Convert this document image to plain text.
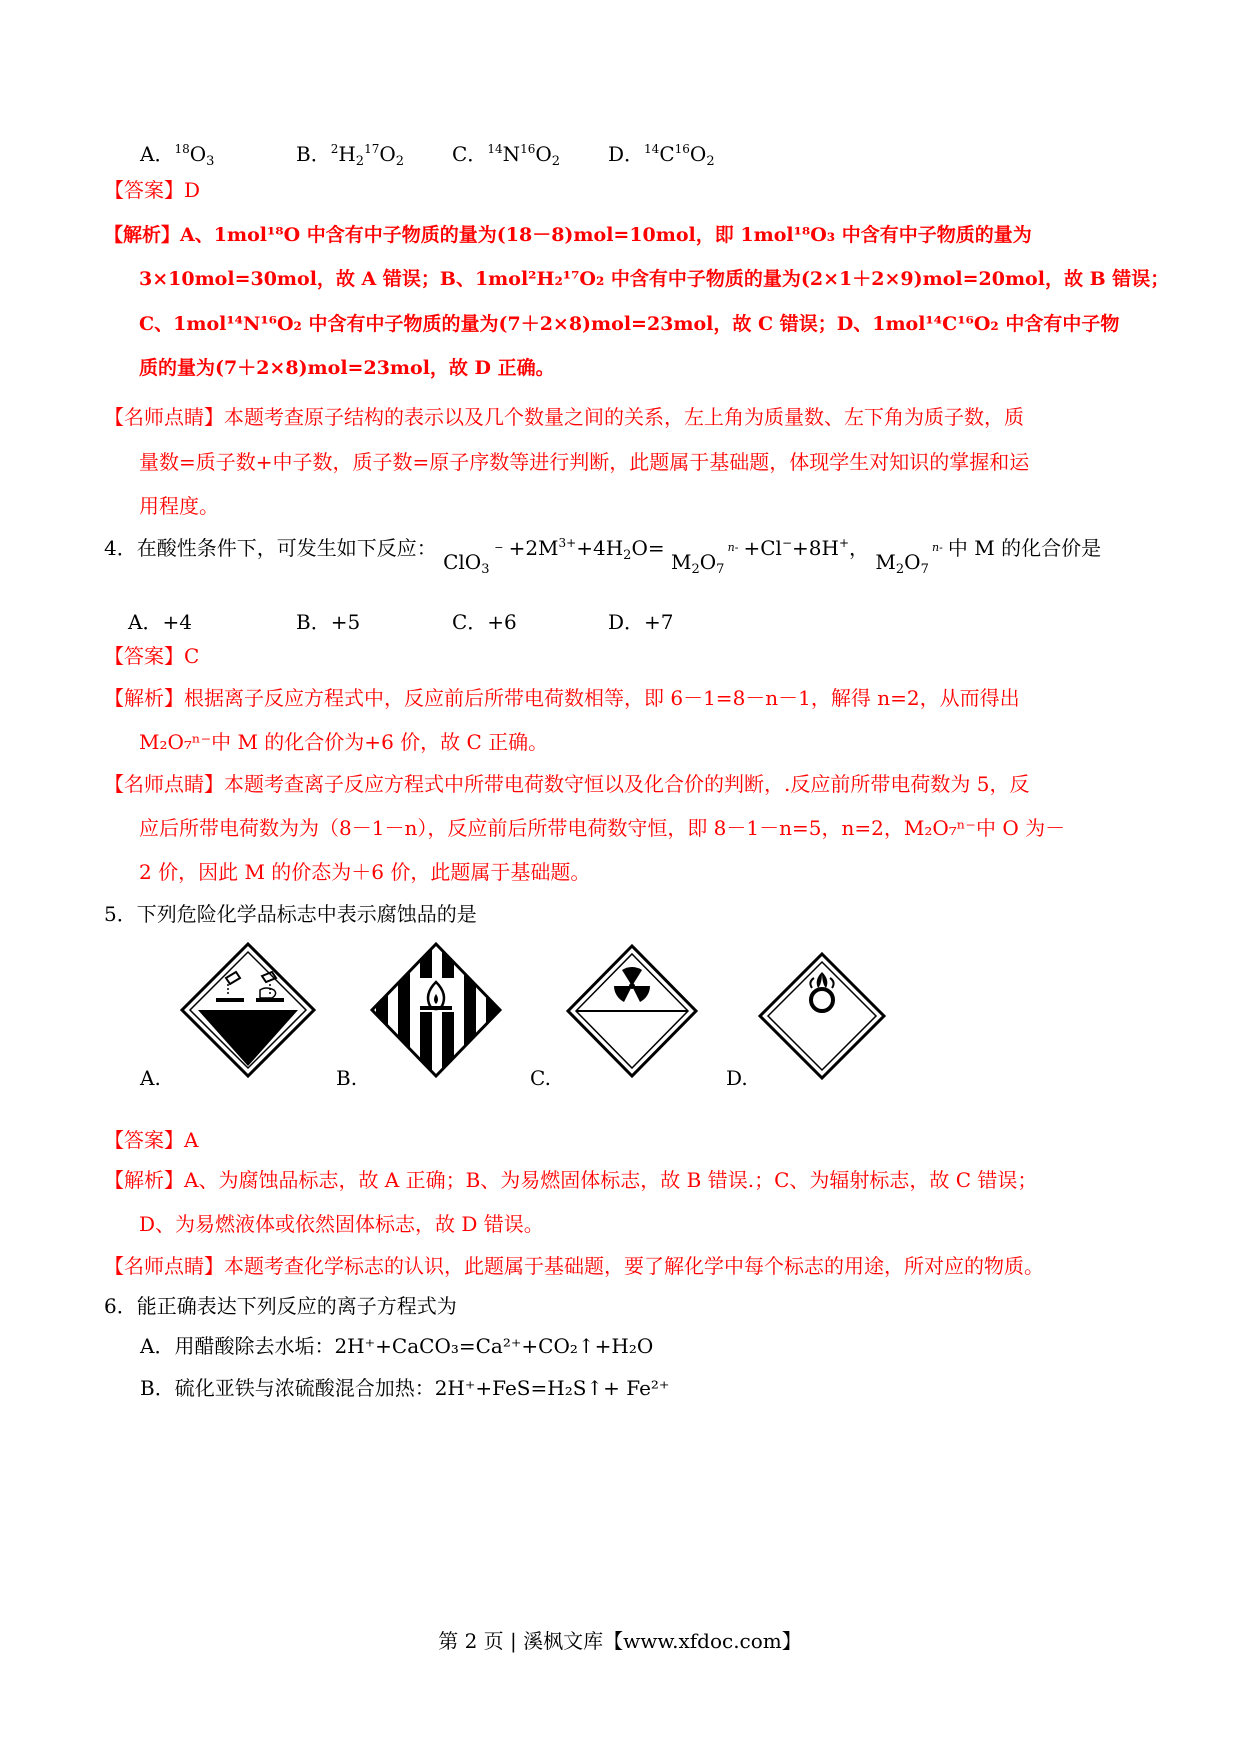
A．$^{18}O_3$	B．$^2H_2^{17}O_2$ C．$^{14}N^{16}O_2$ D．$^{14}C^{16}O_2$
【答案】D
【解析】A、1mol¹⁸O 中含有中子物质的量为(18－8)mol=10mol，即 1mol¹⁸O₃ 中含有中子物质的量为
3×10mol=30mol，故 A 错误；B、1mol²H₂¹⁷O₂ 中含有中子物质的量为(2×1＋2×9)mol=20mol，故 B 错误；
C、1mol¹⁴N¹⁶O₂ 中含有中子物质的量为(7＋2×8)mol=23mol，故 C 错误；D、1mol¹⁴C¹⁶O₂ 中含有中子物
质的量为(7＋2×8)mol=23mol，故 D 正确。
【名师点睛】本题考查原子结构的表示以及几个数量之间的关系，左上角为质量数、左下角为质子数，质
量数=质子数+中子数，质子数=原子序数等进行判断，此题属于基础题，体现学生对知识的掌握和运
用程度。
4．在酸性条件下，可发生如下反应： ClO$_3$
− $+2M^{3+}+4H_2O= M_2O_7$
n- +Cl−+8H+， $M_2O_7$
n- 中 M 的化合价是
A．+4	B．+5	C．+6	D．+7
【答案】C
【解析】根据离子反应方程式中，反应前后所带电荷数相等，即 6－1=8－n－1，解得 n=2，从而得出
M₂O₇ⁿ⁻中 M 的化合价为+6 价，故 C 正确。
【名师点睛】本题考查离子反应方程式中所带电荷数守恒以及化合价的判断，.反应前所带电荷数为 5，反
应后所带电荷数为为（8－1－n），反应前后所带电荷数守恒，即 8－1－n=5，n=2，M₂O₇ⁿ⁻中 O 为－
2 价，因此 M 的价态为＋6 价，此题属于基础题。
5．下列危险化学品标志中表示腐蚀品的是
A.	B.	C.	D.
【答案】A
【解析】A、为腐蚀品标志，故 A 正确；B、为易燃固体标志，故 B 错误.；C、为辐射标志，故 C 错误；
D、为易燃液体或依然固体标志，故 D 错误。
【名师点睛】本题考查化学标志的认识，此题属于基础题，要了解化学中每个标志的用途，所对应的物质。
6．能正确表达下列反应的离子方程式为
A．用醋酸除去水垢：2H⁺+CaCO₃=Ca²⁺+CO₂↑+H₂O
B．硫化亚铁与浓硫酸混合加热：2H⁺+FeS=H₂S↑+ Fe²⁺
第 2 页 | 溪枫文库【www.xfdoc.com】
